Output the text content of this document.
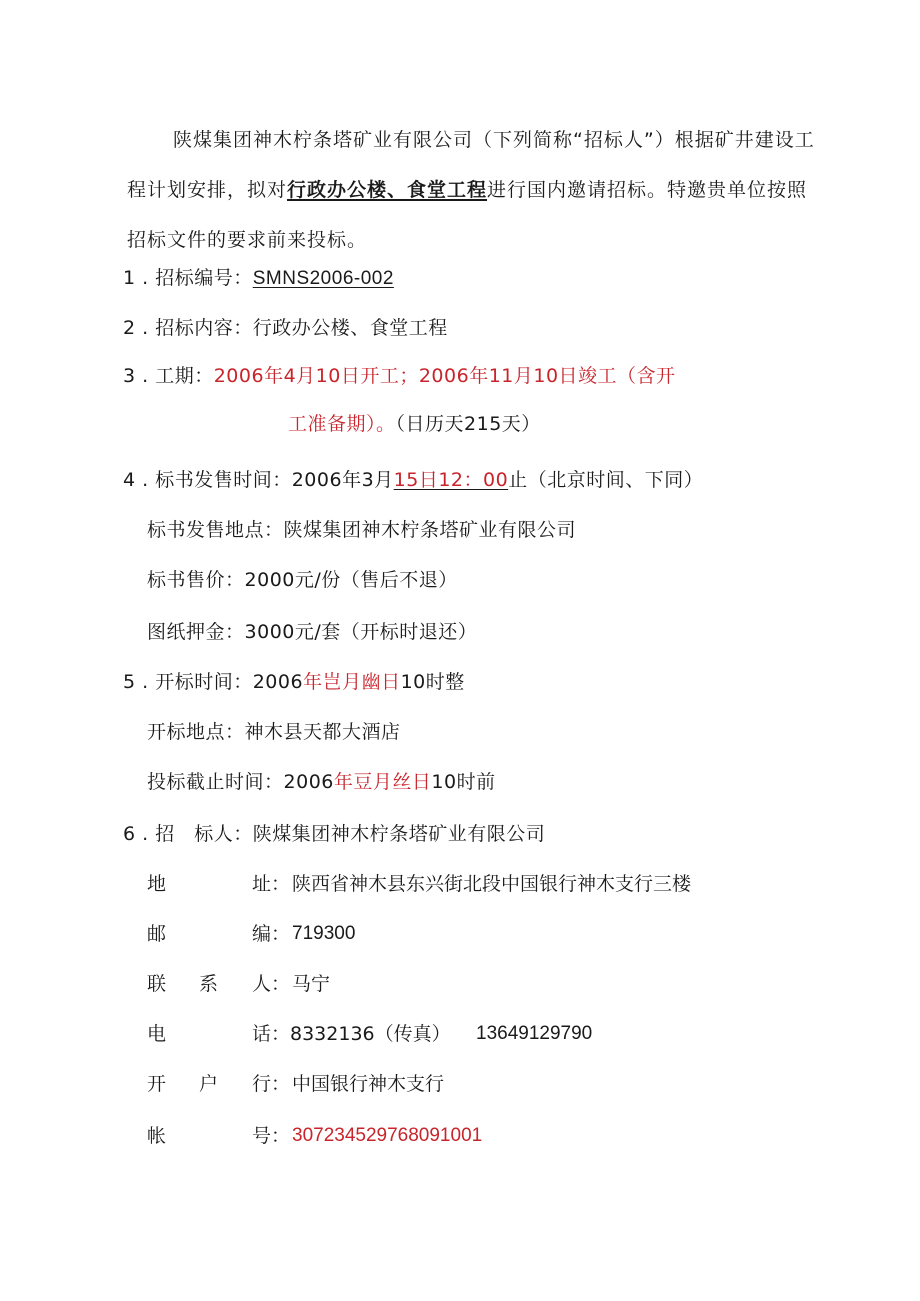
陕煤集团神木柠条塔矿业有限公司（下列简称“招标人”）根据矿井建设工程计划安排，拟对行政办公楼、食堂工程进行国内邀请招标。特邀贵单位按照招标文件的要求前来投标。
1 . 招标编号：SMNS2006-002
2 . 招标内容：行政办公楼、食堂工程
3 . 工期：2006年4月10日开工；2006年11月10日竣工（含开
工准备期）。（日历天215天）
4 . 标书发售时间：2006年3月15日12：00止（北京时间、下同）
标书发售地点：陕煤集团神木柠条塔矿业有限公司
标书售价：2000元/份（售后不退）
图纸押金：3000元/套（开标时退还）
5 . 开标时间：2006年岂月幽日10时整
开标地点：神木县天都大酒店
投标截止时间：2006年豆月丝日10时前
6 . 招　标人：陕煤集团神木柠条塔矿业有限公司
地	址： 陕西省神木县东兴街北段中国银行神木支行三楼
邮	编： 719300
联 系 人： 马宁
电	话： 8332136（传真） 13649129790
开 户 行： 中国银行神木支行
帐	号： 307234529768091001
